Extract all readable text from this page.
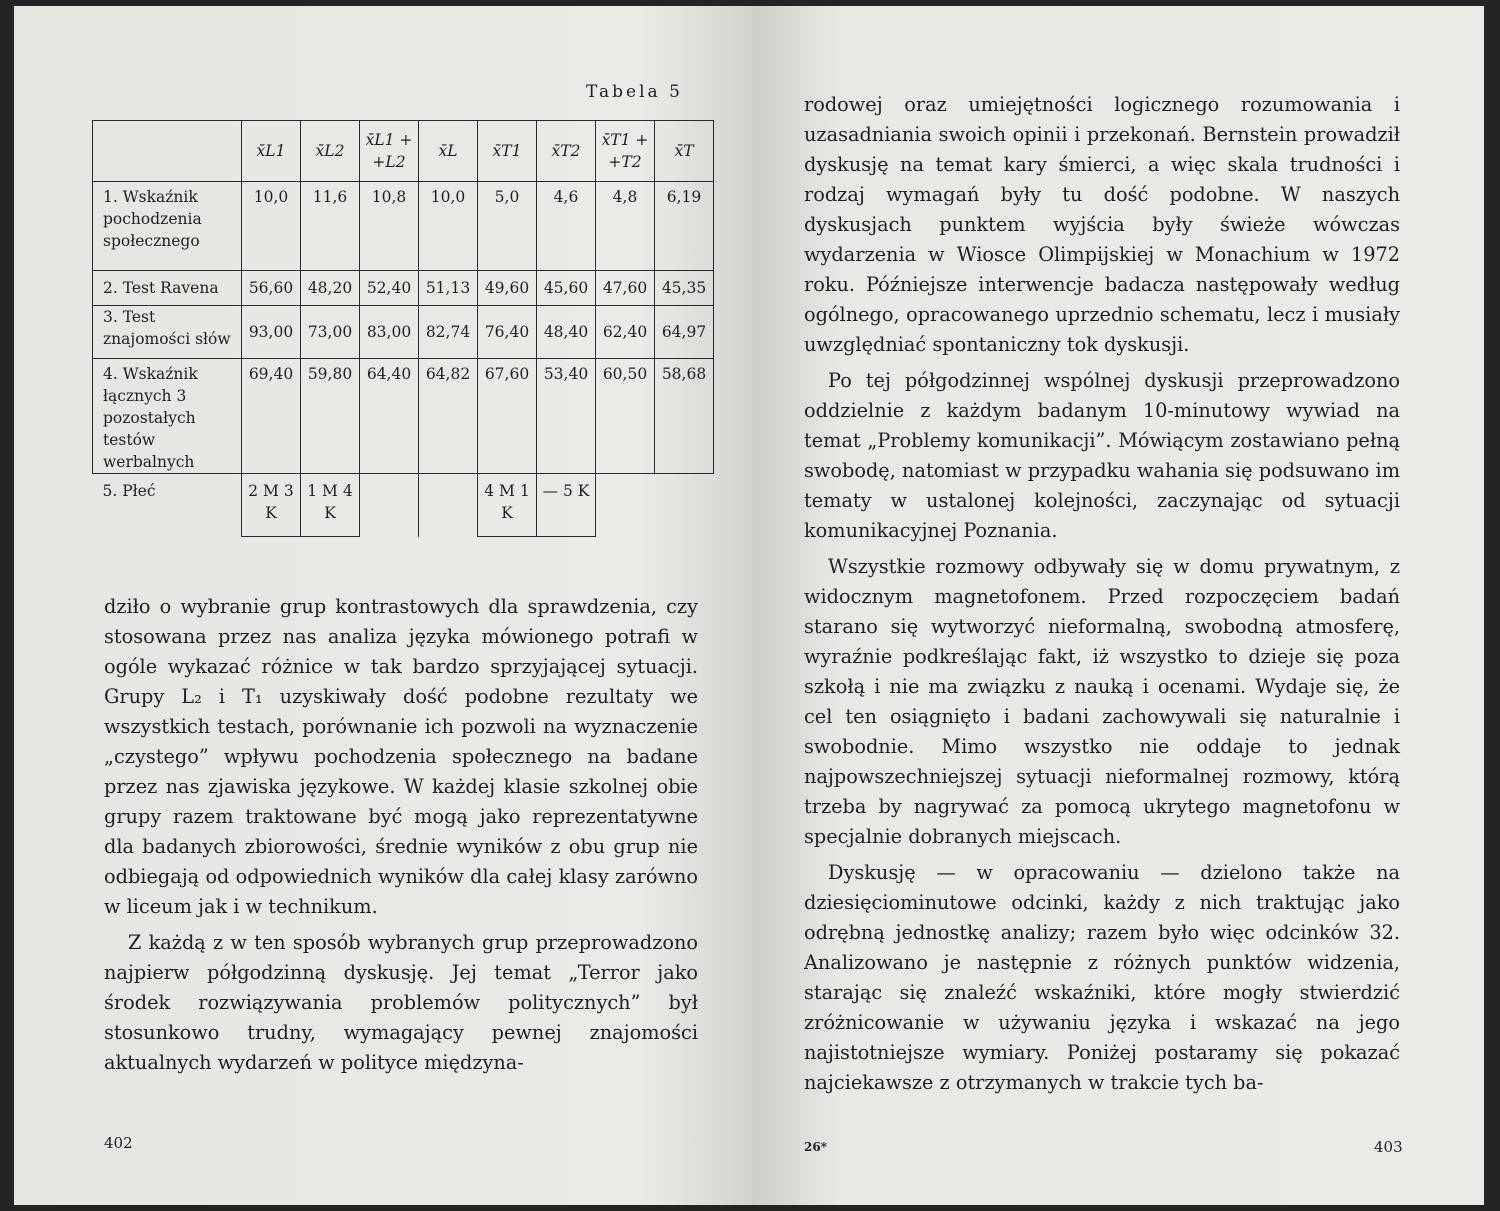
Tabela 5
	x̄L1	x̄L2	x̄L1 + +L2	x̄L	x̄T1	x̄T2	x̄T1 + +T2	x̄T
1. Wskaźnik pochodzenia społecznego	10,0	11,6	10,8	10,0	5,0	4,6	4,8	6,19
2. Test Ravena	56,60	48,20	52,40	51,13	49,60	45,60	47,60	45,35
3. Test znajomości słów	93,00	73,00	83,00	82,74	76,40	48,40	62,40	64,97
4. Wskaźnik łącznych 3 pozostałych testów werbalnych	69,40	59,80	64,40	64,82	67,60	53,40	60,50	58,68
5. Płeć	2 M 3 K	1 M 4 K			4 M 1 K	— 5 K		

dziło o wybranie grup kontrastowych dla sprawdzenia, czy stosowana przez nas analiza języka mówionego potrafi w ogóle wykazać różnice w tak bardzo sprzyjającej sytuacji. Grupy L₂ i T₁ uzyskiwały dość podobne rezultaty we wszystkich testach, porównanie ich pozwoli na wyznaczenie „czystego” wpływu pochodzenia społecznego na badane przez nas zjawiska językowe. W każdej klasie szkolnej obie grupy razem traktowane być mogą jako reprezentatywne dla badanych zbiorowości, średnie wyników z obu grup nie odbiegają od odpowiednich wyników dla całej klasy zarówno w liceum jak i w technikum.

Z każdą z w ten sposób wybranych grup przeprowadzono najpierw półgodzinną dyskusję. Jej temat „Terror jako środek rozwiązywania problemów politycznych” był stosunkowo trudny, wymagający pewnej znajomości aktualnych wydarzeń w polityce międzyna-

402

rodowej oraz umiejętności logicznego rozumowania i uzasadniania swoich opinii i przekonań. Bernstein prowadził dyskusję na temat kary śmierci, a więc skala trudności i rodzaj wymagań były tu dość podobne. W naszych dyskusjach punktem wyjścia były świeże wówczas wydarzenia w Wiosce Olimpijskiej w Monachium w 1972 roku. Późniejsze interwencje badacza następowały według ogólnego, opracowanego uprzednio schematu, lecz i musiały uwzględniać spontaniczny tok dyskusji.

Po tej półgodzinnej wspólnej dyskusji przeprowadzono oddzielnie z każdym badanym 10-minutowy wywiad na temat „Problemy komunikacji”. Mówiącym zostawiano pełną swobodę, natomiast w przypadku wahania się podsuwano im tematy w ustalonej kolejności, zaczynając od sytuacji komunikacyjnej Poznania.

Wszystkie rozmowy odbywały się w domu prywatnym, z widocznym magnetofonem. Przed rozpoczęciem badań starano się wytworzyć nieformalną, swobodną atmosferę, wyraźnie podkreślając fakt, iż wszystko to dzieje się poza szkołą i nie ma związku z nauką i ocenami. Wydaje się, że cel ten osiągnięto i badani zachowywali się naturalnie i swobodnie. Mimo wszystko nie oddaje to jednak najpowszechniejszej sytuacji nieformalnej rozmowy, którą trzeba by nagrywać za pomocą ukrytego magnetofonu w specjalnie dobranych miejscach.

Dyskusję — w opracowaniu — dzielono także na dziesięciominutowe odcinki, każdy z nich traktując jako odrębną jednostkę analizy; razem było więc odcinków 32. Analizowano je następnie z różnych punktów widzenia, starając się znaleźć wskaźniki, które mogły stwierdzić zróżnicowanie w używaniu języka i wskazać na jego najistotniejsze wymiary. Poniżej postaramy się pokazać najciekawsze z otrzymanych w trakcie tych ba-

26*	403
